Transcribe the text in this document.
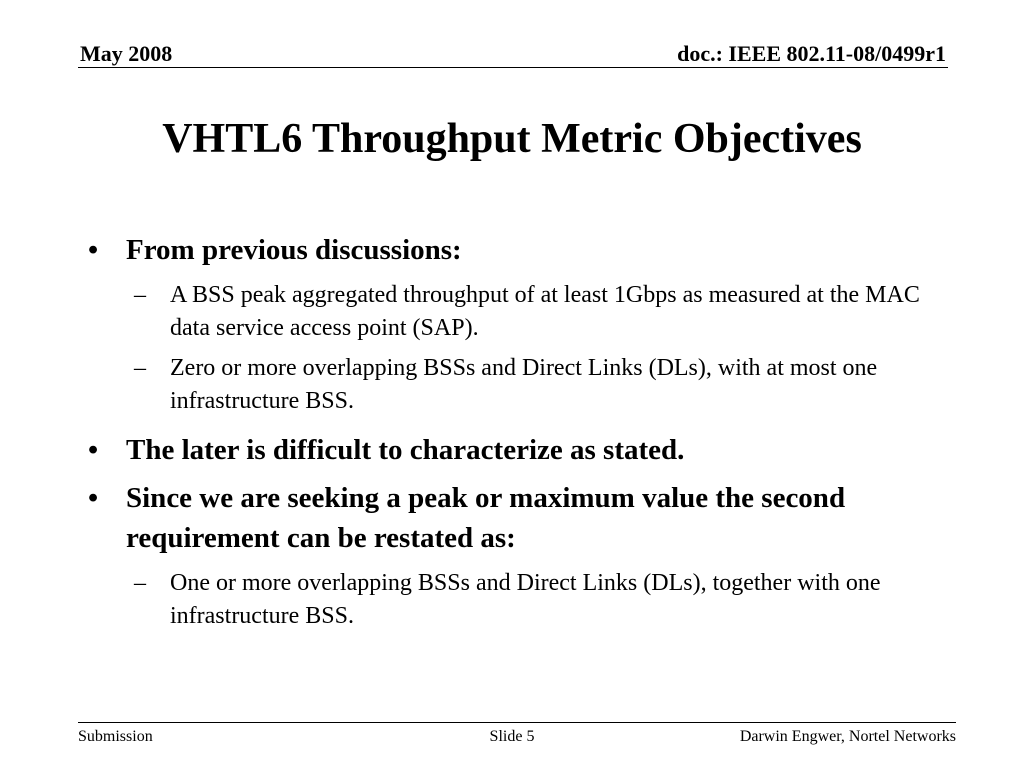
May 2008	doc.: IEEE 802.11-08/0499r1
VHTL6 Throughput Metric Objectives
• From previous discussions:
–	A BSS peak aggregated throughput of at least 1Gbps as measured at the MAC data service access point (SAP).
–	Zero or more overlapping BSSs and Direct Links (DLs), with at most one infrastructure BSS.
• The later is difficult to characterize as stated.
• Since we are seeking a peak or maximum value the second requirement can be restated as:
–	One or more overlapping BSSs and Direct Links (DLs), together with one infrastructure BSS.
Submission	Slide 5	Darwin Engwer, Nortel Networks
